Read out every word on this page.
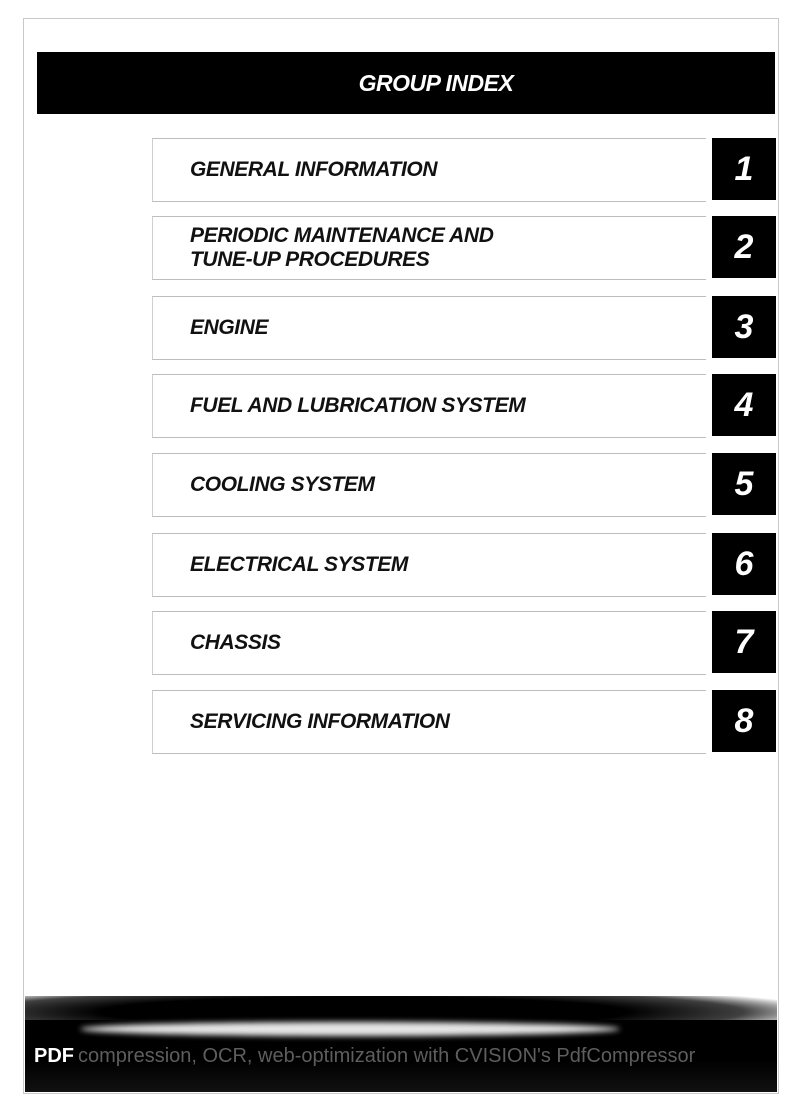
GROUP INDEX
GENERAL INFORMATION	1
PERIODIC MAINTENANCE AND
TUNE-UP PROCEDURES	2
ENGINE	3
FUEL AND LUBRICATION SYSTEM	4
COOLING SYSTEM	5
ELECTRICAL SYSTEM	6
CHASSIS	7
SERVICING INFORMATION	8
PDF compression, OCR, web-optimization with CVISION's PdfCompressor
